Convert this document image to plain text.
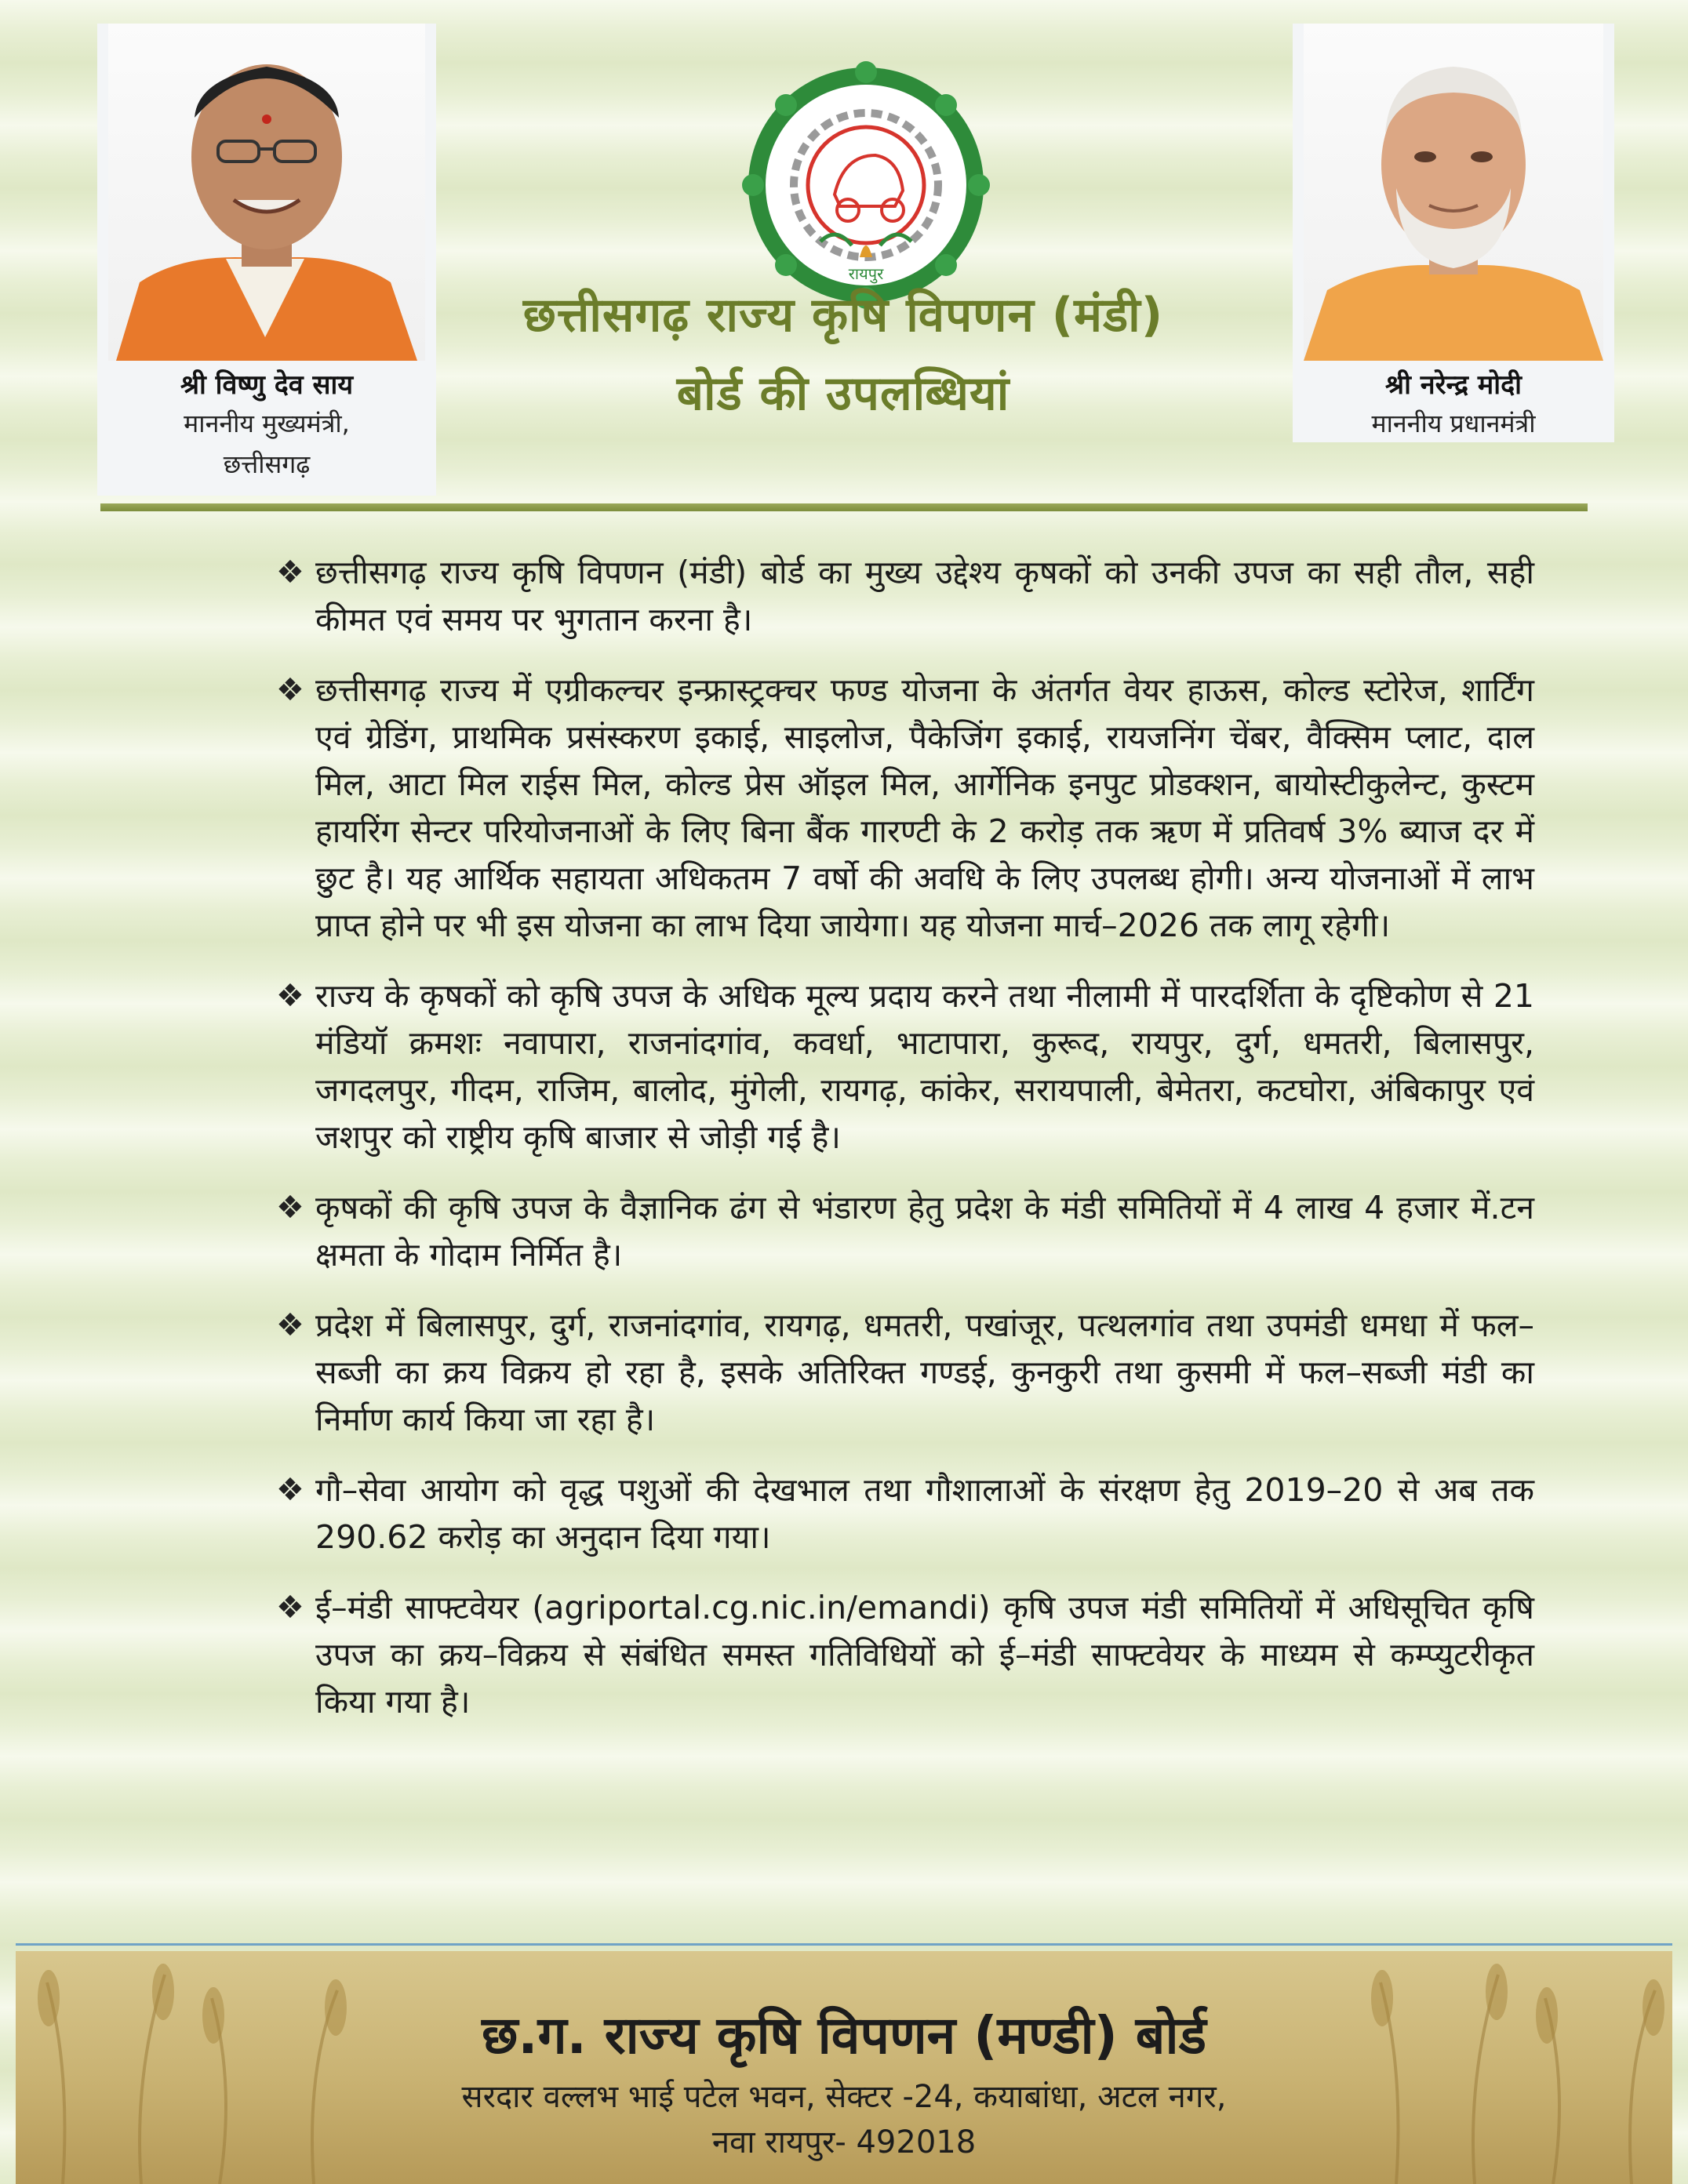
श्री विष्णु देव साय
माननीय मुख्यमंत्री,
छत्तीसगढ़
श्री नरेन्द्र मोदी
माननीय प्रधानमंत्री
रायपुर
छत्तीसगढ़ राज्य कृषि विपणन (मंडी)
बोर्ड की उपलब्धियां
❖ छत्तीसगढ़ राज्य कृषि विपणन (मंडी) बोर्ड का मुख्य उद्देश्य कृषकों को उनकी उपज का सही तौल, सही कीमत एवं समय पर भुगतान करना है।
❖ छत्तीसगढ़ राज्य में एग्रीकल्चर इन्फ्रास्ट्रक्चर फण्ड योजना के अंतर्गत वेयर हाऊस, कोल्ड स्टोरेज, शार्टिंग एवं ग्रेडिंग, प्राथमिक प्रसंस्करण इकाई, साइलोज, पैकेजिंग इकाई, रायजनिंग चेंबर, वैक्सिम प्लाट, दाल मिल, आटा मिल राईस मिल, कोल्ड प्रेस ऑइल मिल, आर्गेनिक इनपुट प्रोडक्शन, बायोस्टीकुलेन्ट, कुस्टम हायरिंग सेन्टर परियोजनाओं के लिए बिना बैंक गारण्टी के 2 करोड़ तक ऋण में प्रतिवर्ष 3% ब्याज दर में छुट है। यह आर्थिक सहायता अधिकतम 7 वर्षो की अवधि के लिए उपलब्ध होगी। अन्य योजनाओं में लाभ प्राप्त होने पर भी इस योजना का लाभ दिया जायेगा। यह योजना मार्च–2026 तक लागू रहेगी।
❖ राज्य के कृषकों को कृषि उपज के अधिक मूल्य प्रदाय करने तथा नीलामी में पारदर्शिता के दृष्टिकोण से 21 मंडियॉ क्रमशः नवापारा, राजनांदगांव, कवर्धा, भाटापारा, कुरूद, रायपुर, दुर्ग, धमतरी, बिलासपुर, जगदलपुर, गीदम, राजिम, बालोद, मुंगेली, रायगढ़, कांकेर, सरायपाली, बेमेतरा, कटघोरा, अंबिकापुर एवं जशपुर को राष्ट्रीय कृषि बाजार से जोड़ी गई है।
❖ कृषकों की कृषि उपज के वैज्ञानिक ढंग से भंडारण हेतु प्रदेश के मंडी समितियों में 4 लाख 4 हजार में.टन क्षमता के गोदाम निर्मित है।
❖ प्रदेश में बिलासपुर, दुर्ग, राजनांदगांव, रायगढ़, धमतरी, पखांजूर, पत्थलगांव तथा उपमंडी धमधा में फल–सब्जी का क्रय विक्रय हो रहा है, इसके अतिरिक्त गण्डई, कुनकुरी तथा कुसमी में फल–सब्जी मंडी का निर्माण कार्य किया जा रहा है।
❖ गौ–सेवा आयोग को वृद्ध पशुओं की देखभाल तथा गौशालाओं के संरक्षण हेतु 2019–20 से अब तक 290.62 करोड़ का अनुदान दिया गया।
❖ ई–मंडी साफ्टवेयर (agriportal.cg.nic.in/emandi) कृषि उपज मंडी समितियों में अधिसूचित कृषि उपज का क्रय–विक्रय से संबंधित समस्त गतिविधियों को ई–मंडी साफ्टवेयर के माध्यम से कम्प्युटरीकृत किया गया है।
छ.ग. राज्य कृषि विपणन (मण्डी) बोर्ड
सरदार वल्लभ भाई पटेल भवन, सेक्टर -24, कयाबांधा, अटल नगर,
नवा रायपुर- 492018
